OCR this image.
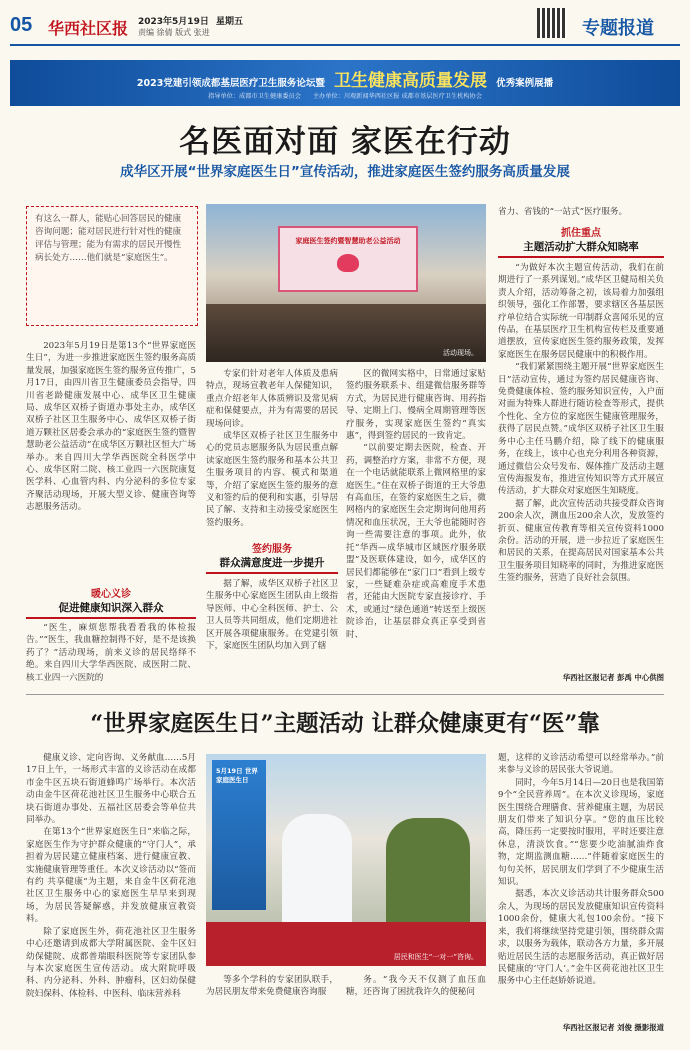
05 华西社区报 2023年5月19日 星期五
责编 徐倩 版式 张进	专题报道
2023党建引领成都基层医疗卫生服务论坛暨 卫生健康高质量发展 优秀案例展播
指导单位：成都市卫生健康委员会 主办单位：川观新闻华西社区报 成都市基层医疗卫生机构协会
名医面对面 家医在行动
成华区开展“世界家庭医生日”宣传活动，推进家庭医生签约服务高质量发展
有这么一群人，能贴心回答居民的健康咨询问题；能对居民进行针对性的健康评估与管理；能为有需求的居民开慢性病长处方……他们就是“家庭医生”。
家庭医生签约暨智慧助老公益活动
活动现场。

2023年5月19日是第13个“世界家庭医生日”，为进一步推进家庭医生签约服务高质量发展，加强家庭医生签约服务宣传推广，5月17日，由四川省卫生健康委员会指导，四川省老龄健康发展中心、成华区卫生健康局、成华区双桥子街道办事处主办，成华区双桥子社区卫生服务中心、成华区双桥子街道万颗社区居委会承办的“家庭医生签约暨智慧助老公益活动”在成华区万颗社区恒大广场举办。来自四川大学华西医院全科医学中心、成华区附二院、核工业四一六医院康复医学科、心血管内科、内分泌科的多位专家齐聚活动现场，开展大型义诊、健康咨询等志愿服务活动。

暖心义诊
促进健康知识深入群众

“医生，麻烦您帮我看看我的体检报告。”“医生，我血糖控制得不好，是不是该换药了？”活动现场，前来义诊的居民络绎不绝。来自四川大学华西医院、成医附二院、核工业四一六医院的

专家们针对老年人体质及患病特点，现场宣教老年人保健知识，重点介绍老年人体质辨识及常见病症和保健要点，并为有需要的居民现场问诊。

成华区双桥子社区卫生服务中心的党员志愿服务队为居民重点解读家庭医生签约服务和基本公共卫生服务项目的内容、模式和渠道等，介绍了家庭医生签约服务的意义和签约后的便利和实惠，引导居民了解、支持和主动接受家庭医生签约服务。

签约服务
群众满意度进一步提升

据了解，成华区双桥子社区卫生服务中心家庭医生团队由上级指导医师、中心全科医师、护士、公卫人员等共同组成，他们定期进社区开展各项健康服务。在党建引领下，家庭医生团队均加入到了辖

区的微网实格中，日常通过家贴签约服务联系卡、组建微信服务群等方式，为居民进行健康咨询、用药指导、定期上门、慢病全周期管理等医疗服务，实现家庭医生签约“真实惠”，得到签约居民的一致肯定。

“以前要定期去医院，检查、开药，调整治疗方案，非常不方便，现在一个电话就能联系上微网格里的家庭医生。”住在双桥子街道的王大爷患有高血压，在签约家庭医生之后，微网格内的家庭医生会定期询问他用药情况和血压状况，王大爷也能随时咨询一些需要注意的事项。此外，依托“华西—成华城市区域医疗服务联盟”及医联体建设，如今，成华区的居民们都能够在“家门口”看到上级专家，一些疑难杂症或高难度手术患者，还能由大医院专家直接诊疗、手术，或通过“绿色通道”转送至上级医院诊治，让基层群众真正享受到省时、

省力、省钱的“一站式”医疗服务。
抓住重点
主题活动扩大群众知晓率

“为做好本次主题宣传活动，我们在前期进行了一系列谋划。”成华区卫健局相关负责人介绍，活动筹备之初，该局着力加强组织领导，强化工作部署，要求辖区各基层医疗单位结合实际统一印制群众喜闻乐见的宣传品，在基层医疗卫生机构宣传栏及重要通道摆放，宣传家庭医生签约服务政策，发挥家庭医生在服务居民健康中的积极作用。

“我们紧紧围绕主题开展“世界家庭医生日”活动宣传，通过为签约居民健康咨询、免费健康体检、签约服务知识宣传，入户面对面为特殊人群进行随访检查等形式，提供个性化、全方位的家庭医生健康管理服务，获得了居民点赞。”成华区双桥子社区卫生服务中心主任马鹏介绍，除了线下的健康服务，在线上，该中心也充分利用各种资源，通过微信公众号发布、媒体推广及活动主题宣传海报发布，推进宣传知识等方式开展宣传活动，扩大群众对家庭医生知晓度。

据了解，此次宣传活动共接受群众咨询200余人次，测血压200余人次，发放签约折页、健康宣传教育等相关宣传资料1000余份。活动的开展，进一步拉近了家庭医生和居民的关系，在提高居民对国家基本公共卫生服务项目知晓率的同时，为推进家庭医生签约服务，营造了良好社会氛围。

华西社区报记者 彭禹 中心供图
“世界家庭医生日”主题活动 让群众健康更有“医”靠

健康义诊、定向咨询、义务献血……5月17日上午，一场形式丰富的义诊活动在成都市金牛区五块石街道蜂鸣广场举行。本次活动由金牛区荷花池社区卫生服务中心联合五块石街道办事处、五福社区居委会等单位共同举办。

在第13个“世界家庭医生日”来临之际，家庭医生作为守护群众健康的“守门人”，承担着为居民建立健康档案、进行健康宣教、实施健康管理等重任。本次义诊活动以“签而有约 共享健康”为主题，来自金牛区荷花池社区卫生服务中心的家庭医生早早来到现场，为居民答疑解惑，并发放健康宣教资料。

除了家庭医生外，荷花池社区卫生服务中心还邀请到成都大学附属医院、金牛区妇幼保健院、成都普瑞眼科医院等专家团队参与本次家庭医生宣传活动。成大附院呼吸科、内分泌科、外科、肿瘤科，区妇幼保健院妇保科、体检科、中医科、临床营养科

5月19日 世界家庭医生日
居民和医生“一对一”咨询。

等多个学科的专家团队联手，为居民朋友带来免费健康咨询服

务。“我今天不仅测了血压血糖，还咨询了困扰我许久的便秘问

题，这样的义诊活动希望可以经常举办。”前来参与义诊的居民张大爷说道。

同时，今年5月14日—20日也是我国第9个“全民营养周”。在本次义诊现场，家庭医生围绕合理膳食、营养健康主题，为居民朋友们带来了知识分享。“您的血压比较高，降压药一定要按时服用，平时还要注意休息，清淡饮食。”“您要少吃油腻油炸食物，定期监测血糖……”伴随着家庭医生的句句关怀，居民朋友们学到了不少健康生活知识。

据悉，本次义诊活动共计服务群众500余人，为现场的居民发放健康知识宣传资料1000余份，健康大礼包100余份。“接下来，我们将继续坚持党建引领，围绕群众需求，以服务为载体，联动各方力量，多开展贴近居民生活的志愿服务活动，真正做好居民健康的‘守门人’。”金牛区荷花池社区卫生服务中心主任赵娇娇说道。

华西社区报记者 刘俊 摄影报道
